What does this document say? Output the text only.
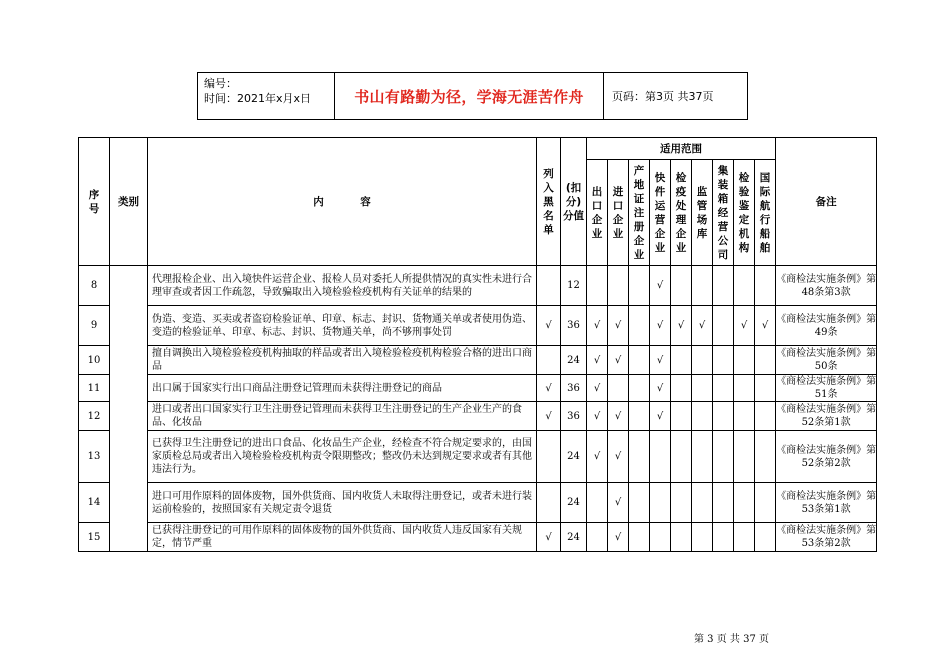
编号：
时间：2021年x月x日	书山有路勤为径，学海无涯苦作舟	页码：第3页 共37页
序号	类别	内          容	列入黑名单	(扣分)分值	适用范围									备注

					出口企业	进口企业	产地证注册企业	快件运营企业	检疫处理企业	监管场库	集装箱经营公司	检验鉴定机构	国际航行船舶	

8		代理报检企业、出入境快件运营企业、报检人员对委托人所提供情况的真实性未进行合理审查或者因工作疏忽，导致骗取出入境检验检疫机构有关证单的结果的		12				√						《商检法实施条例》第48条第3款
9		伪造、变造、买卖或者盗窃检验证单、印章、标志、封识、货物通关单或者使用伪造、变造的检验证单、印章、标志、封识、货物通关单，尚不够刑事处罚	√	36	√	√		√	√	√		√	√	《商检法实施条例》第49条
10		擅自调换出入境检验检疫机构抽取的样品或者出入境检验检疫机构检验合格的进出口商品		24	√	√		√						《商检法实施条例》第50条
11		出口属于国家实行出口商品注册登记管理而未获得注册登记的商品	√	36	√			√						《商检法实施条例》第51条
12		进口或者出口国家实行卫生注册登记管理而未获得卫生注册登记的生产企业生产的食品、化妆品	√	36	√	√		√						《商检法实施条例》第52条第1款
13		已获得卫生注册登记的进出口食品、化妆品生产企业，经检查不符合规定要求的，由国家质检总局或者出入境检验检疫机构责令限期整改；整改仍未达到规定要求或者有其他违法行为。		24	√	√								《商检法实施条例》第52条第2款
14		进口可用作原料的固体废物，国外供货商、国内收货人未取得注册登记，或者未进行装运前检验的，按照国家有关规定责令退货		24		√								《商检法实施条例》第53条第1款
15		已获得注册登记的可用作原料的固体废物的国外供货商、国内收货人违反国家有关规定，情节严重	√	24		√								《商检法实施条例》第53条第2款
第 3 页 共 37 页
